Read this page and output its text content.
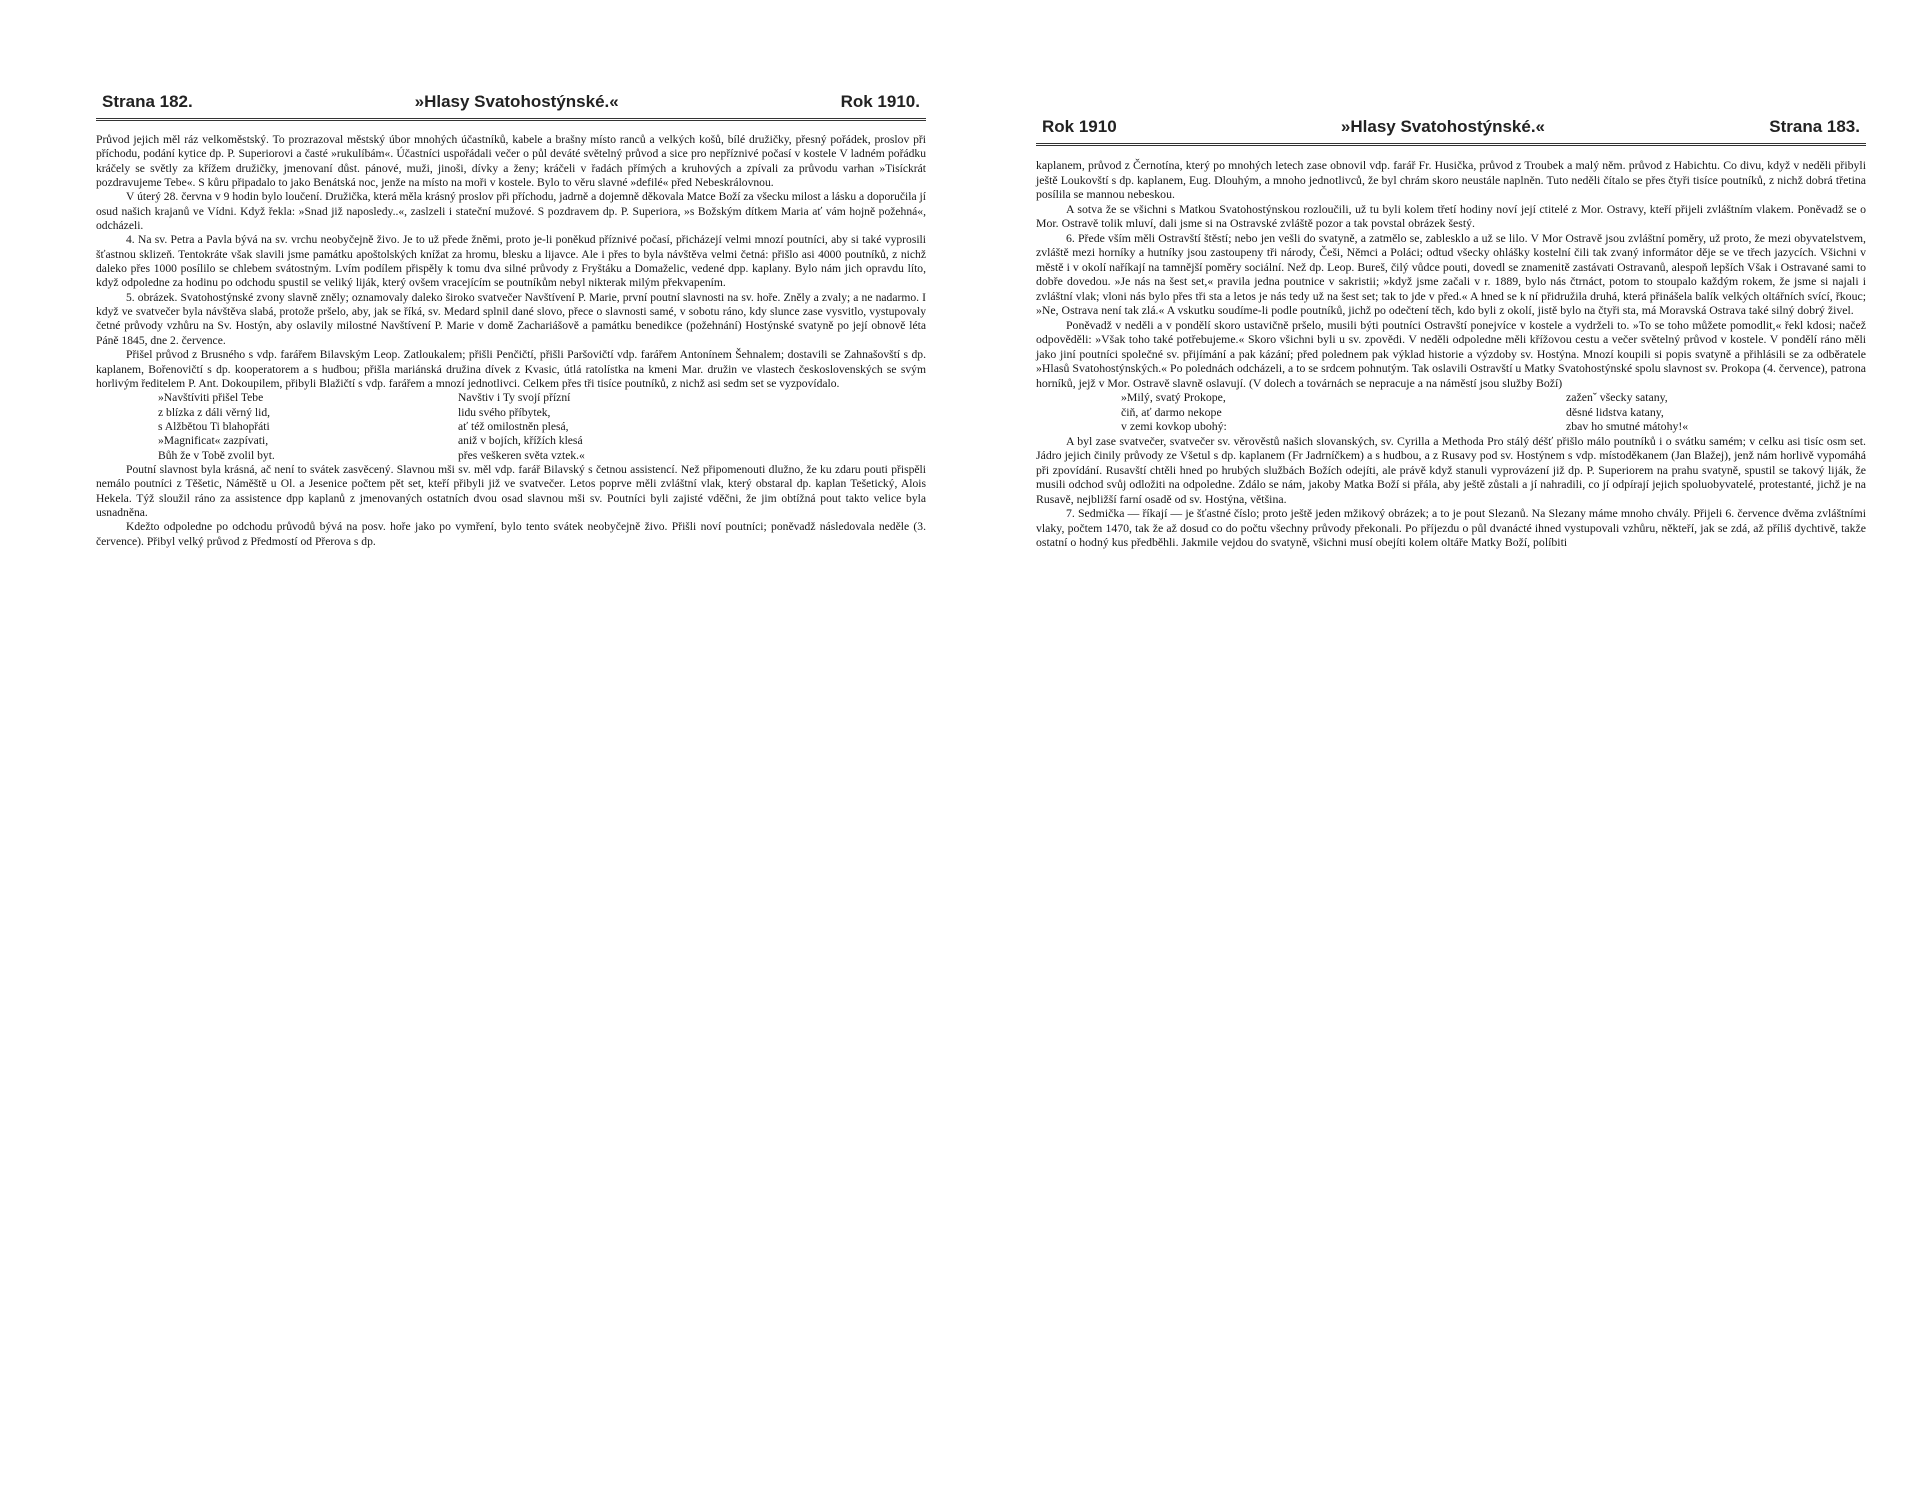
Strana 182.	»Hlasy Svatohostýnské.«	Rok 1910.

Průvod jejich měl ráz velkoměstský. To prozrazoval městský úbor mnohých účastníků, kabele a brašny místo ranců a velkých košů, bílé družičky, přesný pořádek, proslov při příchodu, podání kytice dp. P. Superiorovi a časté »rukulíbám«. Účastníci uspořádali večer o půl deváté světelný průvod a sice pro nepříznivé počasí v kostele V ladném pořádku kráčely se světly za křížem družičky, jmenovaní důst. pánové, muži, jinoši, dívky a ženy; kráčeli v řadách přímých a kruhových a zpívali za průvodu varhan »Tisíckrát pozdravujeme Tebe«. S kůru připadalo to jako Benátská noc, jenže na místo na moři v kostele. Bylo to věru slavné »defilé« před Nebeskrálovnou.

V úterý 28. června v 9 hodin bylo loučení. Družička, která měla krásný proslov při příchodu, jadrně a dojemně děkovala Matce Boží za všecku milost a lásku a doporučila jí osud našich krajanů ve Vídni. Když řekla: »Snad již naposledy..«, zaslzeli i stateční mužové. S pozdravem dp. P. Superiora, »s Božským dítkem Maria ať vám hojně požehná«, odcházeli.

4. Na sv. Petra a Pavla bývá na sv. vrchu neobyčejně živo. Je to už přede žněmi, proto je-li poněkud příznivé počasí, přicházejí velmi mnozí poutníci, aby si také vyprosili šťastnou sklizeň. Tentokráte však slavili jsme památku apoštolských knížat za hromu, blesku a lijavce. Ale i přes to byla návštěva velmi četná: přišlo asi 4000 poutníků, z nichž daleko přes 1000 posílilo se chlebem svátostným. Lvím podílem přispěly k tomu dva silné průvody z Fryštáku a Domaželic, vedené dpp. kaplany. Bylo nám jich opravdu líto, když odpoledne za hodinu po odchodu spustil se veliký liják, který ovšem vracejícím se poutníkům nebyl nikterak milým překvapením.

5. obrázek. Svatohostýnské zvony slavně zněly; oznamovaly daleko široko svatvečer Navštívení P. Marie, první poutní slavnosti na sv. hoře. Zněly a zvaly; a ne nadarmo. I když ve svatvečer byla návštěva slabá, protože pršelo, aby, jak se říká, sv. Medard splnil dané slovo, přece o slavnosti samé, v sobotu ráno, kdy slunce zase vysvitlo, vystupovaly četné průvody vzhůru na Sv. Hostýn, aby oslavily milostné Navštívení P. Marie v domě Zachariášově a památku benedikce (požehnání) Hostýnské svatyně po její obnově léta Páně 1845, dne 2. července.

Přišel průvod z Brusného s vdp. farářem Bilavským Leop. Zatloukalem; přišli Penčičtí, přišli Paršovičtí vdp. farářem Antonínem Šehnalem; dostavili se Zahnašovští s dp. kaplanem, Bořenovičtí s dp. kooperatorem a s hudbou; přišla mariánská družina dívek z Kvasic, útlá ratolístka na kmeni Mar. družin ve vlastech československých se svým horlivým ředitelem P. Ant. Dokoupilem, přibyli Blažičtí s vdp. farářem a mnozí jednotlivci. Celkem přes tři tisíce poutníků, z nichž asi sedm set se vyzpovídalo.

»Navštíviti přišel Tebe	Navštiv i Ty svojí přízní
z blízka z dáli věrný lid,	lidu svého příbytek,
s Alžbětou Ti blahopřáti	ať též omilostněn plesá,
»Magnificat« zazpívati,	aniž v bojích, křížích klesá
Bůh že v Tobě zvolil byt.	přes veškeren světa vztek.«

Poutní slavnost byla krásná, ač není to svátek zasvěcený. Slavnou mši sv. měl vdp. farář Bilavský s četnou assistencí. Než připomenouti dlužno, že ku zdaru pouti přispěli nemálo poutníci z Těšetic, Náměště u Ol. a Jesenice počtem pět set, kteří přibyli již ve svatvečer. Letos poprve měli zvláštní vlak, který obstaral dp. kaplan Tešetický, Alois Hekela. Týž sloužil ráno za assistence dpp kaplanů z jmenovaných ostatních dvou osad slavnou mši sv. Poutníci byli zajisté vděčni, že jim obtížná pout takto velice byla usnadněna.

Kdežto odpoledne po odchodu průvodů bývá na posv. hoře jako po vymření, bylo tento svátek neobyčejně živo. Přišli noví poutníci; poněvadž následovala neděle (3. července). Přibyl velký průvod z Předmostí od Přerova s dp.

Rok 1910	»Hlasy Svatohostýnské.«	Strana 183.

kaplanem, průvod z Černotína, který po mnohých letech zase obnovil vdp. farář Fr. Husička, průvod z Troubek a malý něm. průvod z Habichtu. Co divu, když v neděli přibyli ještě Loukovští s dp. kaplanem, Eug. Dlouhým, a mnoho jednotlivců, že byl chrám skoro neustále naplněn. Tuto neděli čítalo se přes čtyři tisíce poutníků, z nichž dobrá třetina posílila se mannou nebeskou.

A sotva že se všichni s Matkou Svatohostýnskou rozloučili, už tu byli kolem třetí hodiny noví její ctitelé z Mor. Ostravy, kteří přijeli zvláštním vlakem. Poněvadž se o Mor. Ostravě tolik mluví, dali jsme si na Ostravské zvláště pozor a tak povstal obrázek šestý.

6. Přede vším měli Ostravští štěstí; nebo jen vešli do svatyně, a zatmělo se, zablesklo a už se lilo. V Mor Ostravě jsou zvláštní poměry, už proto, že mezi obyvatelstvem, zvláště mezi horníky a hutníky jsou zastoupeny tři národy, Češi, Němci a Poláci; odtud všecky ohlášky kostelní čili tak zvaný informátor děje se ve třech jazycích. Všichni v městě i v okolí naříkají na tamnější poměry sociální. Než dp. Leop. Bureš, čilý vůdce pouti, dovedl se znamenitě zastávati Ostravanů, alespoň lepších Však i Ostravané sami to dobře dovedou. »Je nás na šest set,« pravila jedna poutnice v sakristii; »když jsme začali v r. 1889, bylo nás čtrnáct, potom to stoupalo každým rokem, že jsme si najali i zvláštní vlak; vloni nás bylo přes tři sta a letos je nás tedy už na šest set; tak to jde v před.« A hned se k ní přidružila druhá, která přinášela balík velkých oltářních svící, řkouc; »Ne, Ostrava není tak zlá.« A vskutku soudíme-li podle poutníků, jichž po odečtení těch, kdo byli z okolí, jistě bylo na čtyři sta, má Moravská Ostrava také silný dobrý živel.

Poněvadž v neděli a v pondělí skoro ustavičně pršelo, musili býti poutníci Ostravští ponejvíce v kostele a vydrželi to. »To se toho můžete pomodlit,« řekl kdosi; načež odpověděli: »Však toho také potřebujeme.« Skoro všichni byli u sv. zpovědi. V neděli odpoledne měli křížovou cestu a večer světelný průvod v kostele. V pondělí ráno měli jako jiní poutníci společné sv. přijímání a pak kázání; před polednem pak výklad historie a výzdoby sv. Hostýna. Mnozí koupili si popis svatyně a přihlásili se za odběratele »Hlasů Svatohostýnských.« Po polednách odcházeli, a to se srdcem pohnutým. Tak oslavili Ostravští u Matky Svatohostýnské spolu slavnost sv. Prokopa (4. července), patrona horníků, jejž v Mor. Ostravě slavně oslavují. (V dolech a továrnách se nepracuje a na náměstí jsou služby Boží)

»Milý, svatý Prokope,	zaženˇ všecky satany,
čiň, ať darmo nekope	děsné lidstva katany,
v zemi kovkop ubohý:	zbav ho smutné mátohy!«

A byl zase svatvečer, svatvečer sv. věrověstů našich slovanských, sv. Cyrilla a Methoda Pro stálý déšť přišlo málo poutníků i o svátku samém; v celku asi tisíc osm set. Jádro jejich činily průvody ze Všetul s dp. kaplanem (Fr Jadrníčkem) a s hudbou, a z Rusavy pod sv. Hostýnem s vdp. místoděkanem (Jan Blažej), jenž nám horlivě vypomáhá při zpovídání. Rusavští chtěli hned po hrubých službách Božích odejíti, ale právě když stanuli vyprovázení již dp. P. Superiorem na prahu svatyně, spustil se takový liják, že musili odchod svůj odložiti na odpoledne. Zdálo se nám, jakoby Matka Boží si přála, aby ještě zůstali a jí nahradili, co jí odpírají jejich spoluobyvatelé, protestanté, jichž je na Rusavě, nejbližší farní osadě od sv. Hostýna, většina.

7. Sedmička — říkají — je šťastné číslo; proto ještě jeden mžikový obrázek; a to je pout Slezanů. Na Slezany máme mnoho chvály. Přijeli 6. července dvěma zvláštními vlaky, počtem 1470, tak že až dosud co do počtu všechny průvody překonali. Po příjezdu o půl dvanácté ihned vystupovali vzhůru, někteří, jak se zdá, až příliš dychtivě, takže ostatní o hodný kus předběhli. Jakmile vejdou do svatyně, všichni musí obejíti kolem oltáře Matky Boží, políbiti
